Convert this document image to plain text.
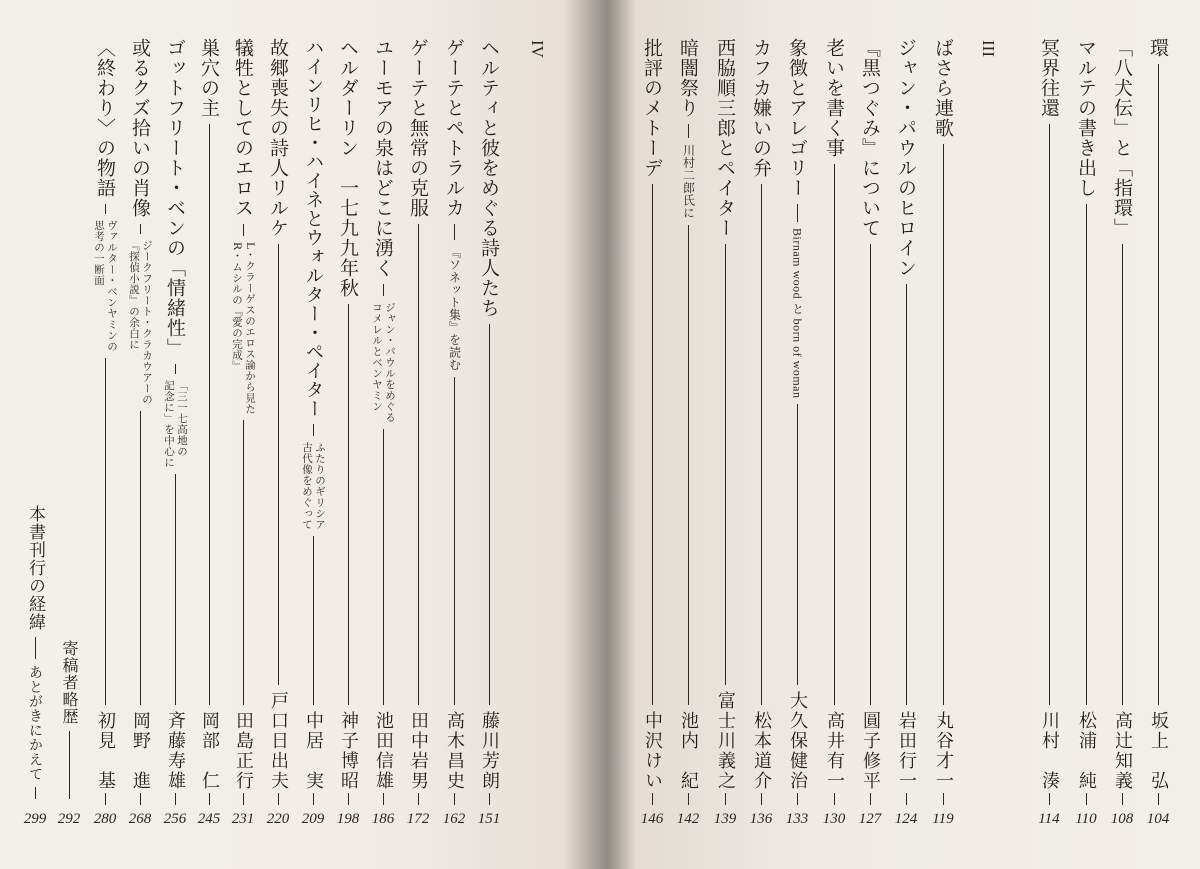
環
坂上　弘
104
「八犬伝」と「指環」
高辻知義
108
マルテの書き出し
松浦　純
110
冥界往還
川村　湊
114
III
ばさら連歌
丸谷才一
119
ジャン・パウルのヒロイン
岩田行一
124
『黒つぐみ』について
圓子修平
127
老いを書く事
高井有一
130
象徴とアレゴリー
Birnam wood と born of woman
大久保健治
133
カフカ嫌いの弁
松本道介
136
西脇順三郎とペイター
富士川義之
139
暗闇祭り
川村二郎氏に
池内　紀
142
批評のメトーデ
中沢けい
146
IV
ヘルティと彼をめぐる詩人たち
藤川芳朗
151
ゲーテとペトラルカ
『ソネット集』を読む
高木昌史
162
ゲーテと無常の克服
田中岩男
172
ユーモアの泉はどこに湧く
ジャン・パウルをめぐる
コメレルとベンヤミン
池田信雄
186
ヘルダーリン　一七九九年秋
神子博昭
198
ハインリヒ・ハイネとウォルター・ペイター
ふたりのギリシア
古代像をめぐって
中居　実
209
故郷喪失の詩人リルケ
戸口日出夫
220
犠牲としてのエロス
L・クラーゲスのエロス論から見た
R・ムシルの『愛の完成』
田島正行
231
巣穴の主
岡部　仁
245
ゴットフリート・ベンの「情緒性」
「三一七高地の
記念に」を中心に
斉藤寿雄
256
或るクズ拾いの肖像
ジークフリート・クラカウアーの
『探偵小説』の余白に
岡野　進
268
〈終わり〉の物語
ヴァルター・ベンヤミンの
思考の一断面
初見　基
280
寄稿者略歴
292
本書刊行の経緯
あとがきにかえて
299
